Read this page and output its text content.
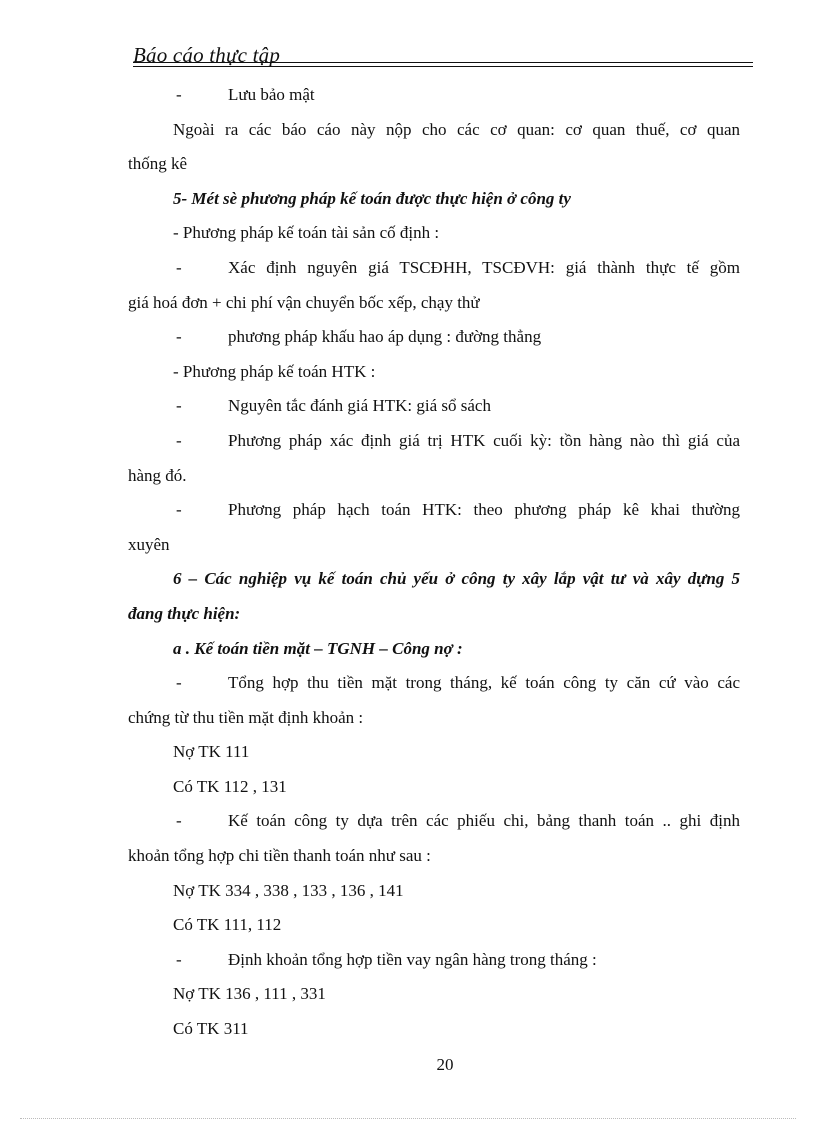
Báo cáo thực tập
-	Lưu bảo mật
Ngoài ra các báo cáo này nộp cho các cơ quan: cơ quan thuế, cơ quan
thống kê
5- Mét sè phương pháp kế toán được thực hiện ở công ty
- Phương pháp kế toán tài sản cố định :
-	Xác định nguyên giá TSCĐHH, TSCĐVH: giá thành thực tế gồm
giá hoá đơn + chi phí vận chuyển bốc xếp, chạy thử
-	phương pháp khấu hao áp dụng : đường thẳng
- Phương pháp kế toán HTK :
-	Nguyên tắc đánh giá HTK: giá sổ sách
-	Phương pháp xác định giá trị HTK cuối kỳ: tồn hàng nào thì giá của
hàng đó.
-	Phương pháp hạch toán HTK: theo phương pháp kê khai thường
xuyên
6 – Các nghiệp vụ kế toán chủ yếu ở công ty xây lắp vật tư và xây dựng 5
đang thực hiện:
a . Kế toán tiền mặt – TGNH – Công nợ :
-	Tổng hợp thu tiền mặt trong tháng, kế toán công ty căn cứ vào các
chứng từ thu tiền mặt định khoản :
Nợ TK 111
Có TK 112 , 131
-	Kế toán công ty dựa trên các phiếu chi, bảng thanh toán .. ghi định
khoản tổng hợp chi tiền thanh toán như sau :
Nợ TK 334 , 338 , 133 , 136 , 141
Có TK 111, 112
-	Định khoản tổng hợp tiền vay ngân hàng trong tháng :
Nợ TK 136 , 111 , 331
Có TK 311
20
